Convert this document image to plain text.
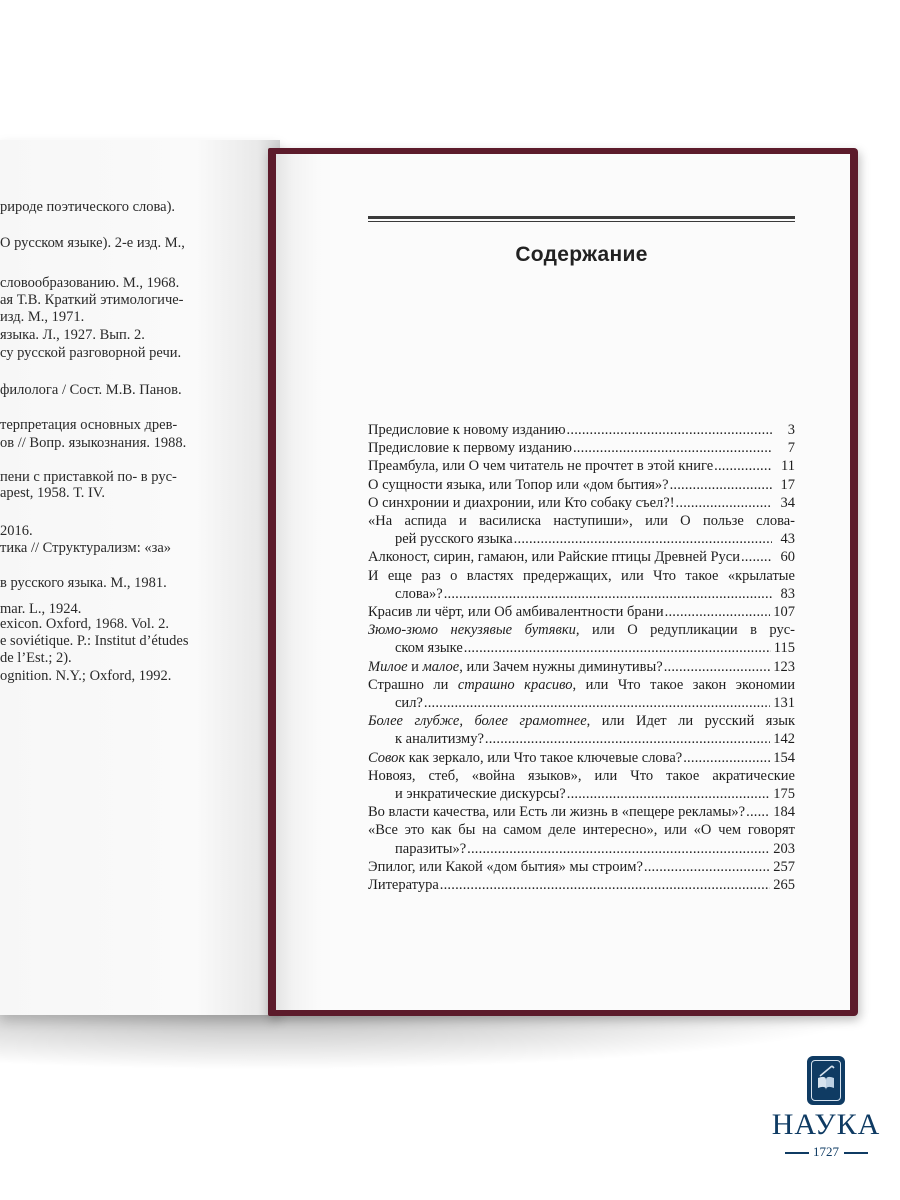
рироде поэтического слова).
О русском языке). 2-е изд. М.,
словообразованию. М., 1968.
ая Т.В. Краткий этимологиче-
изд. М., 1971.
языка. Л., 1927. Вып. 2.
су русской разговорной речи.
филолога / Сост. М.В. Панов.
терпретация основных древ-
ов // Вопр. языкознания. 1988.
пени с приставкой по- в рус-
apest, 1958. Т. IV.
2016.
тика // Структурализм: «за»
в русского языка. М., 1981.
mar. L., 1924.
exicon. Oxford, 1968. Vol. 2.
e soviétique. P.: Institut d’études
de l’Est.; 2).
ognition. N.Y.; Oxford, 1992.
Содержание
Предисловие к новому изданию .....	3
Предисловие к первому изданию .....	7
Преамбула, или О чем читатель не прочтет в этой книге .....	11
О сущности языка, или Топор или «дом бытия»? .....	17
О синхронии и диахронии, или Кто собаку съел?! .....	34
«На аспида и василиска наступиши», или О пользе слова-
рей русского языка .....	43
Алконост, сирин, гамаюн, или Райские птицы Древней Руси .....	60
И еще раз о властях предержащих, или Что такое «крылатые
слова»? .....	83
Красив ли чёрт, или Об амбивалентности брани .....	107
Зюмо-зюмо некузявые бутявки, или О редупликации в рус-
ском языке .....	115
Милое и малое, или Зачем нужны диминутивы? .....	123
Страшно ли страшно красиво, или Что такое закон экономии
сил? .....	131
Более глубже, более грамотнее, или Идет ли русский язык
к аналитизму? .....	142
Совок как зеркало, или Что такое ключевые слова? .....	154
Новояз, стеб, «война языков», или Что такое акратические
и энкратические дискурсы? .....	175
Во власти качества, или Есть ли жизнь в «пещере рекламы»? ..... 184
«Все это как бы на самом деле интересно», или «О чем говорят
паразиты»? .....	203
Эпилог, или Какой «дом бытия» мы строим? .....	257
Литература .....	265
НАУКА
1727
